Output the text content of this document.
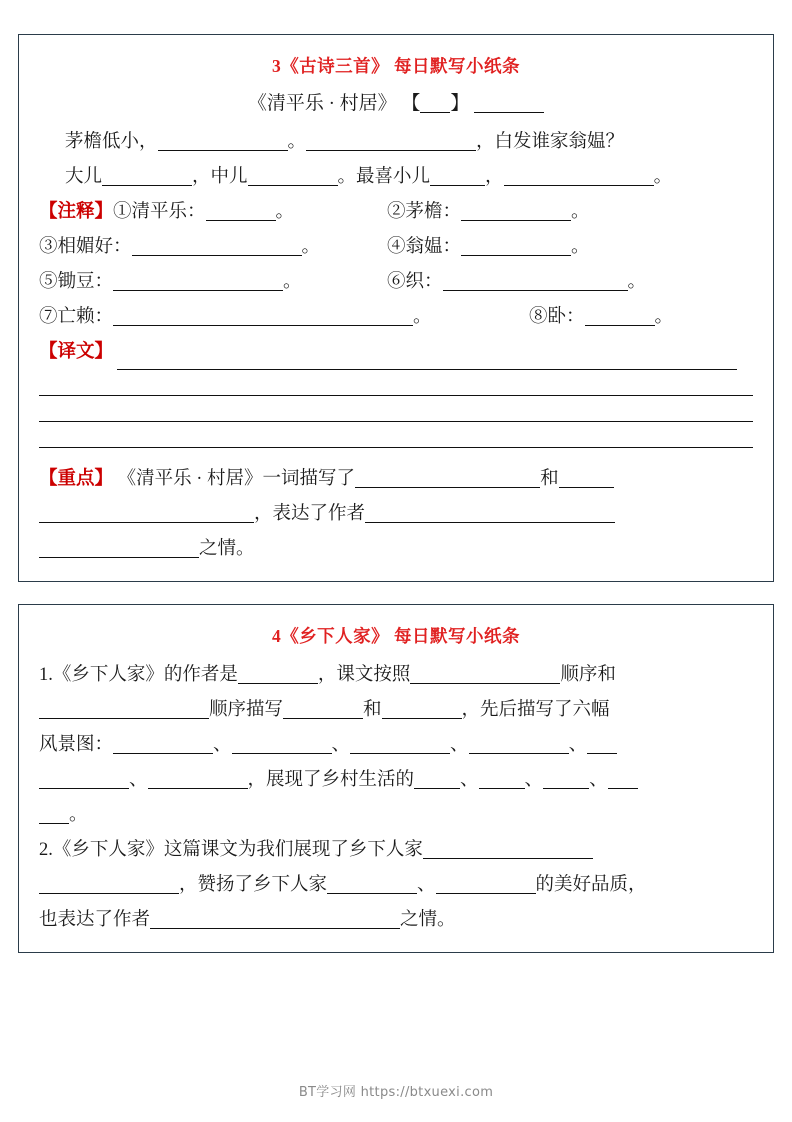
3《古诗三首》 每日默写小纸条
《清平乐 · 村居》 【 】
茅檐低小，	。	，白发谁家翁媪？
大儿	，中儿	。最喜小儿	，	。
【注释】①清平乐：	。	②茅檐：	。
③相媚好：	。	④翁媪：	。
⑤锄豆：	。	⑥织：	。
⑦亡赖：	。	⑧卧：	。
【译文】
【重点】 《清平乐 · 村居》一词描写了	和
，表达了作者
之情。
4《乡下人家》 每日默写小纸条
1.《乡下人家》的作者是	，课文按照	顺序和
顺序描写	和	，先后描写了六幅
风景图：	、	、	、	、
、	，展现了乡村生活的 、 、 、
。
2.《乡下人家》这篇课文为我们展现了乡下人家
，赞扬了乡下人家	、	的美好品质，
也表达了作者	之情。
BT学习网 https://btxuexi.com
